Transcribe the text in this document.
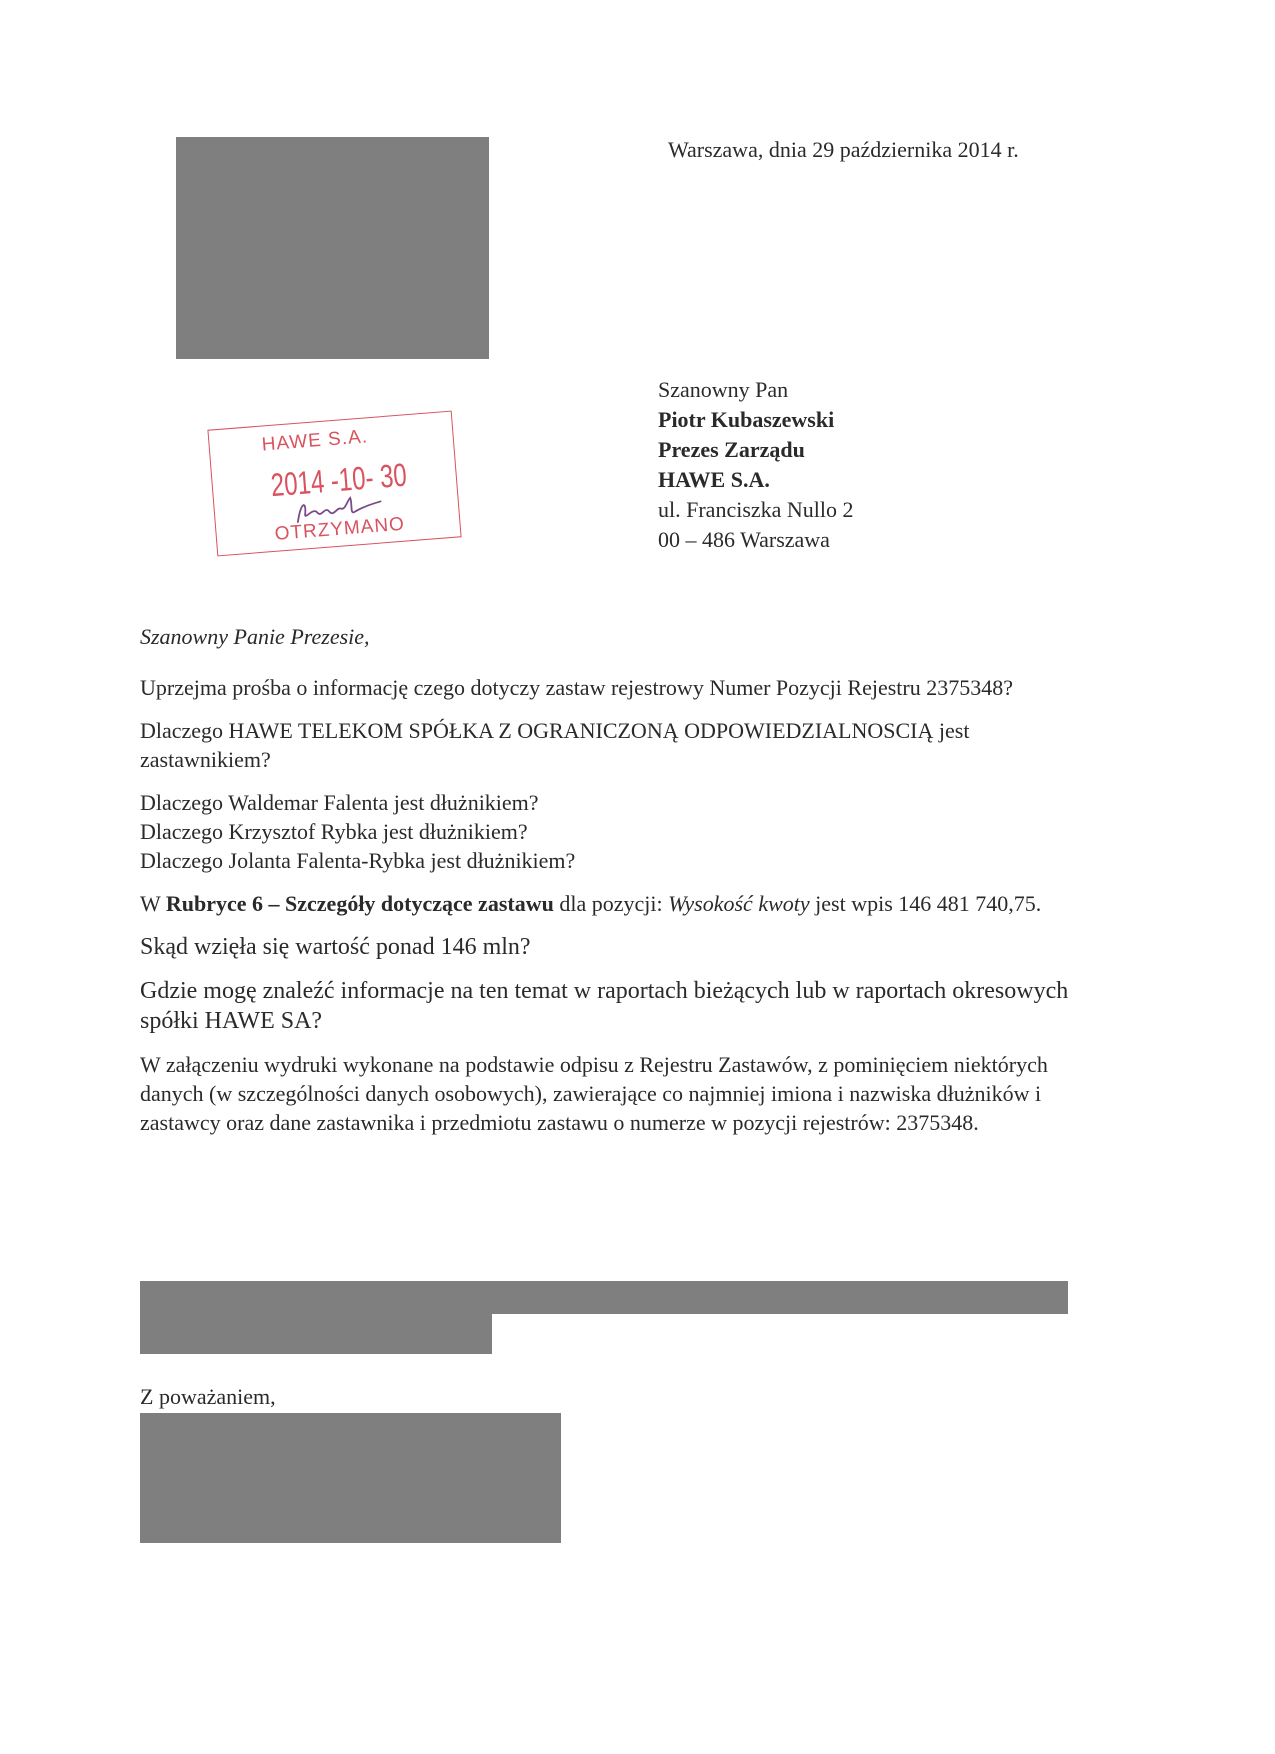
Warszawa, dnia 29 października 2014 r.
HAWE S.A.
2014 -10- 30
OTRZYMANO
Szanowny Pan
Piotr Kubaszewski
Prezes Zarządu
HAWE S.A.
ul. Franciszka Nullo 2
00 – 486 Warszawa

Szanowny Panie Prezesie,

Uprzejma prośba o informację czego dotyczy zastaw rejestrowy Numer Pozycji Rejestru 2375348?

Dlaczego HAWE TELEKOM SPÓŁKA Z OGRANICZONĄ ODPOWIEDZIALNOSCIĄ jest zastawnikiem?

Dlaczego Waldemar Falenta jest dłużnikiem?

Dlaczego Krzysztof Rybka jest dłużnikiem?

Dlaczego Jolanta Falenta-Rybka jest dłużnikiem?

W Rubryce 6 – Szczegóły dotyczące zastawu dla pozycji: Wysokość kwoty jest wpis 146 481 740,75.

Skąd wzięła się wartość ponad 146 mln?

Gdzie mogę znaleźć informacje na ten temat w raportach bieżących lub w raportach okresowych spółki HAWE SA?

W załączeniu wydruki wykonane na podstawie odpisu z Rejestru Zastawów, z pominięciem niektórych danych (w szczególności danych osobowych), zawierające co najmniej imiona i nazwiska dłużników i zastawcy oraz dane zastawnika i przedmiotu zastawu o numerze w pozycji rejestrów: 2375348.

Z poważaniem,
